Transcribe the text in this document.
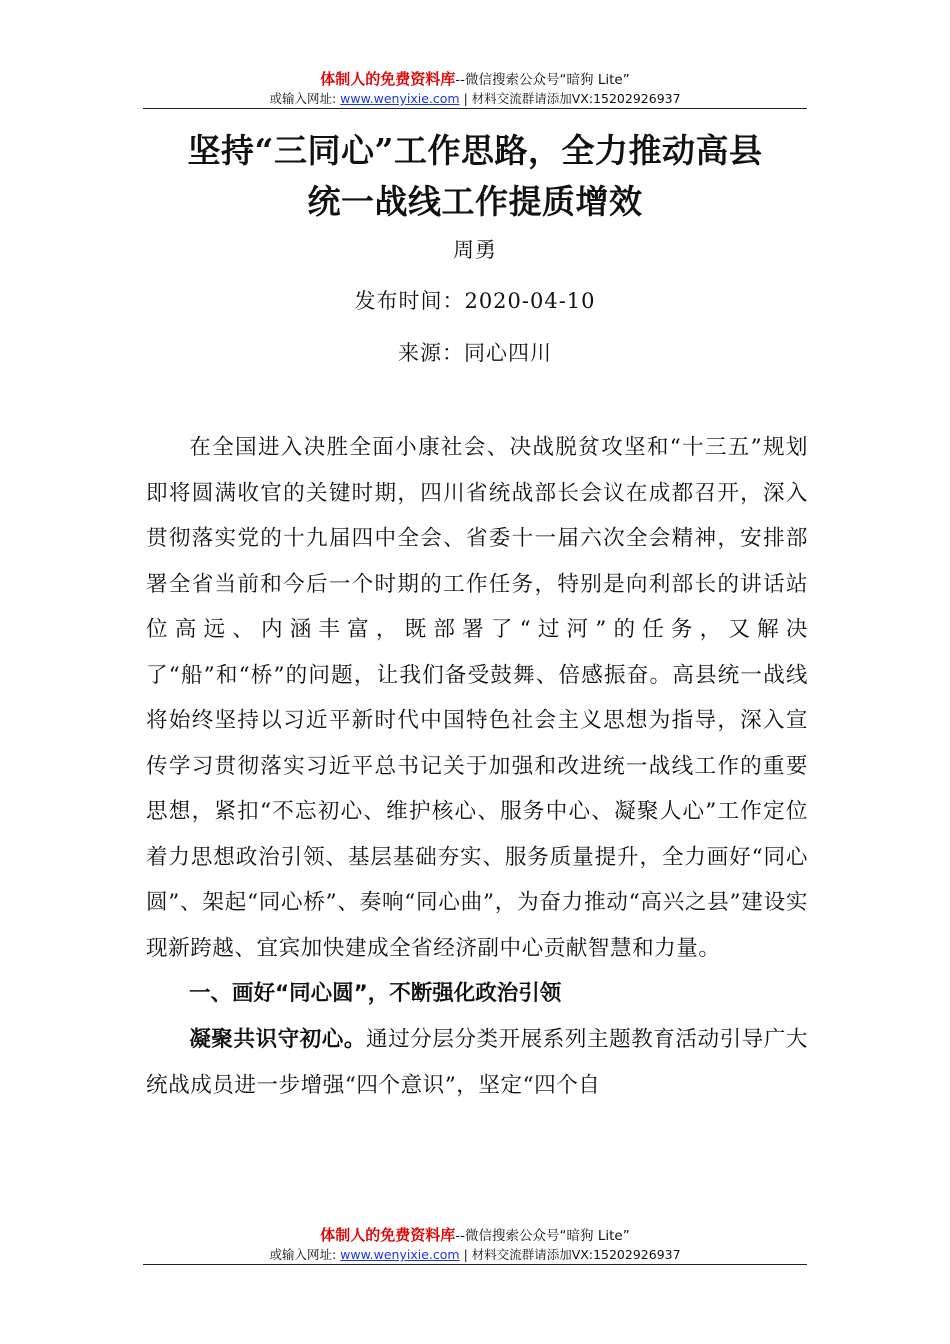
体制人的免费资料库--微信搜索公众号“暗狗 Lite”
或输入网址: www.wenyixie.com | 材料交流群请添加VX:15202926937
坚持“三同心”工作思路，全力推动高县
统一战线工作提质增效
周勇
发布时间：2020-04-10
来源：同心四川

在全国进入决胜全面小康社会、决战脱贫攻坚和“十三五”规划即将圆满收官的关键时期，四川省统战部长会议在成都召开，深入贯彻落实党的十九届四中全会、省委十一届六次全会精神，安排部署全省当前和今后一个时期的工作任务，特别是向利部长的讲话站位高远、内涵丰富，既部署了“过河”的任务，又解决了“船”和“桥”的问题，让我们备受鼓舞、倍感振奋。高县统一战线将始终坚持以习近平新时代中国特色社会主义思想为指导，深入宣传学习贯彻落实习近平总书记关于加强和改进统一战线工作的重要思想，紧扣“不忘初心、维护核心、服务中心、凝聚人心”工作定位着力思想政治引领、基层基础夯实、服务质量提升，全力画好“同心圆”、架起“同心桥”、奏响“同心曲”，为奋力推动“高兴之县”建设实现新跨越、宜宾加快建成全省经济副中心贡献智慧和力量。

一、画好“同心圆”，不断强化政治引领

凝聚共识守初心。通过分层分类开展系列主题教育活动引导广大统战成员进一步增强“四个意识”，坚定“四个自

体制人的免费资料库--微信搜索公众号“暗狗 Lite”
或输入网址: www.wenyixie.com | 材料交流群请添加VX:15202926937
